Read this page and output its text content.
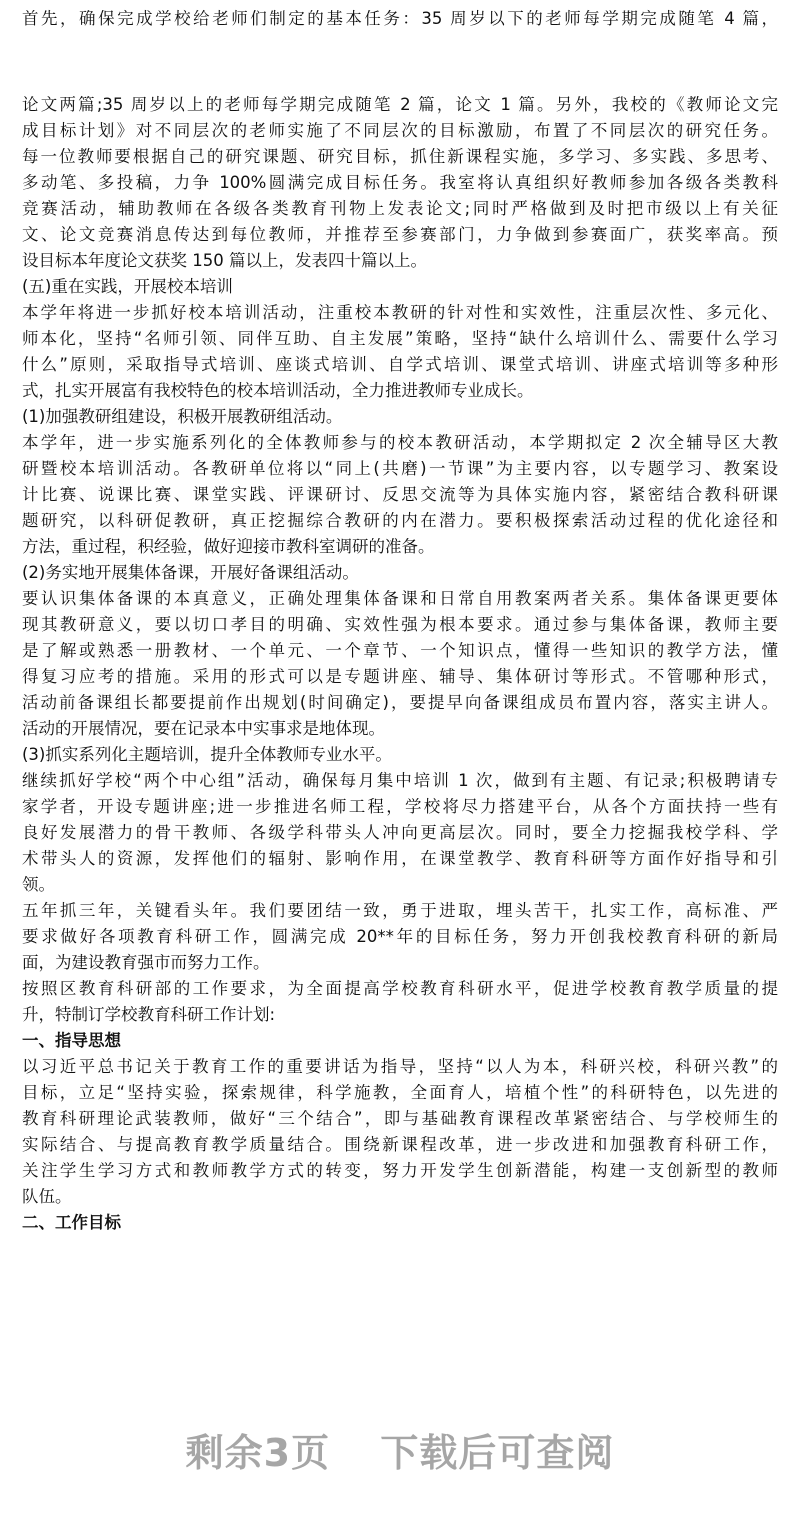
首先，确保完成学校给老师们制定的基本任务：35 周岁以下的老师每学期完成随笔 4 篇，
论文两篇;35 周岁以上的老师每学期完成随笔 2 篇，论文 1 篇。另外，我校的《教师论文完
成目标计划》对不同层次的老师实施了不同层次的目标激励，布置了不同层次的研究任务。
每一位教师要根据自己的研究课题、研究目标，抓住新课程实施，多学习、多实践、多思考、
多动笔、多投稿，力争 100%圆满完成目标任务。我室将认真组织好教师参加各级各类教科
竞赛活动，辅助教师在各级各类教育刊物上发表论文;同时严格做到及时把市级以上有关征
文、论文竞赛消息传达到每位教师，并推荐至参赛部门，力争做到参赛面广，获奖率高。预
设目标本年度论文获奖 150 篇以上，发表四十篇以上。
(五)重在实践，开展校本培训
本学年将进一步抓好校本培训活动，注重校本教研的针对性和实效性，注重层次性、多元化、
师本化，坚持“名师引领、同伴互助、自主发展”策略，坚持“缺什么培训什么、需要什么学习
什么”原则，采取指导式培训、座谈式培训、自学式培训、课堂式培训、讲座式培训等多种形
式，扎实开展富有我校特色的校本培训活动，全力推进教师专业成长。
(1)加强教研组建设，积极开展教研组活动。
本学年，进一步实施系列化的全体教师参与的校本教研活动，本学期拟定 2 次全辅导区大教
研暨校本培训活动。各教研单位将以“同上(共磨)一节课”为主要内容，以专题学习、教案设
计比赛、说课比赛、课堂实践、评课研讨、反思交流等为具体实施内容，紧密结合教科研课
题研究，以科研促教研，真正挖掘综合教研的内在潜力。要积极探索活动过程的优化途径和
方法，重过程，积经验，做好迎接市教科室调研的准备。
(2)务实地开展集体备课，开展好备课组活动。
要认识集体备课的本真意义，正确处理集体备课和日常自用教案两者关系。集体备课更要体
现其教研意义，要以切口孝目的明确、实效性强为根本要求。通过参与集体备课，教师主要
是了解或熟悉一册教材、一个单元、一个章节、一个知识点，懂得一些知识的教学方法，懂
得复习应考的措施。采用的形式可以是专题讲座、辅导、集体研讨等形式。不管哪种形式，
活动前备课组长都要提前作出规划(时间确定)，要提早向备课组成员布置内容，落实主讲人。
活动的开展情况，要在记录本中实事求是地体现。
(3)抓实系列化主题培训，提升全体教师专业水平。
继续抓好学校“两个中心组”活动，确保每月集中培训 1 次，做到有主题、有记录;积极聘请专
家学者，开设专题讲座;进一步推进名师工程，学校将尽力搭建平台，从各个方面扶持一些有
良好发展潜力的骨干教师、各级学科带头人冲向更高层次。同时，要全力挖掘我校学科、学
术带头人的资源，发挥他们的辐射、影响作用，在课堂教学、教育科研等方面作好指导和引
领。
五年抓三年，关键看头年。我们要团结一致，勇于进取，埋头苦干，扎实工作，高标准、严
要求做好各项教育科研工作，圆满完成 20**年的目标任务，努力开创我校教育科研的新局
面，为建设教育强市而努力工作。
按照区教育科研部的工作要求，为全面提高学校教育科研水平，促进学校教育教学质量的提
升，特制订学校教育科研工作计划:
一、指导思想
以习近平总书记关于教育工作的重要讲话为指导，坚持“以人为本，科研兴校，科研兴教”的
目标，立足“坚持实验，探索规律，科学施教，全面育人，培植个性”的科研特色，以先进的
教育科研理论武装教师，做好“三个结合”，即与基础教育课程改革紧密结合、与学校师生的
实际结合、与提高教育教学质量结合。围绕新课程改革，进一步改进和加强教育科研工作，
关注学生学习方式和教师教学方式的转变，努力开发学生创新潜能，构建一支创新型的教师
队伍。
二、工作目标
剩余3页 下载后可查阅
